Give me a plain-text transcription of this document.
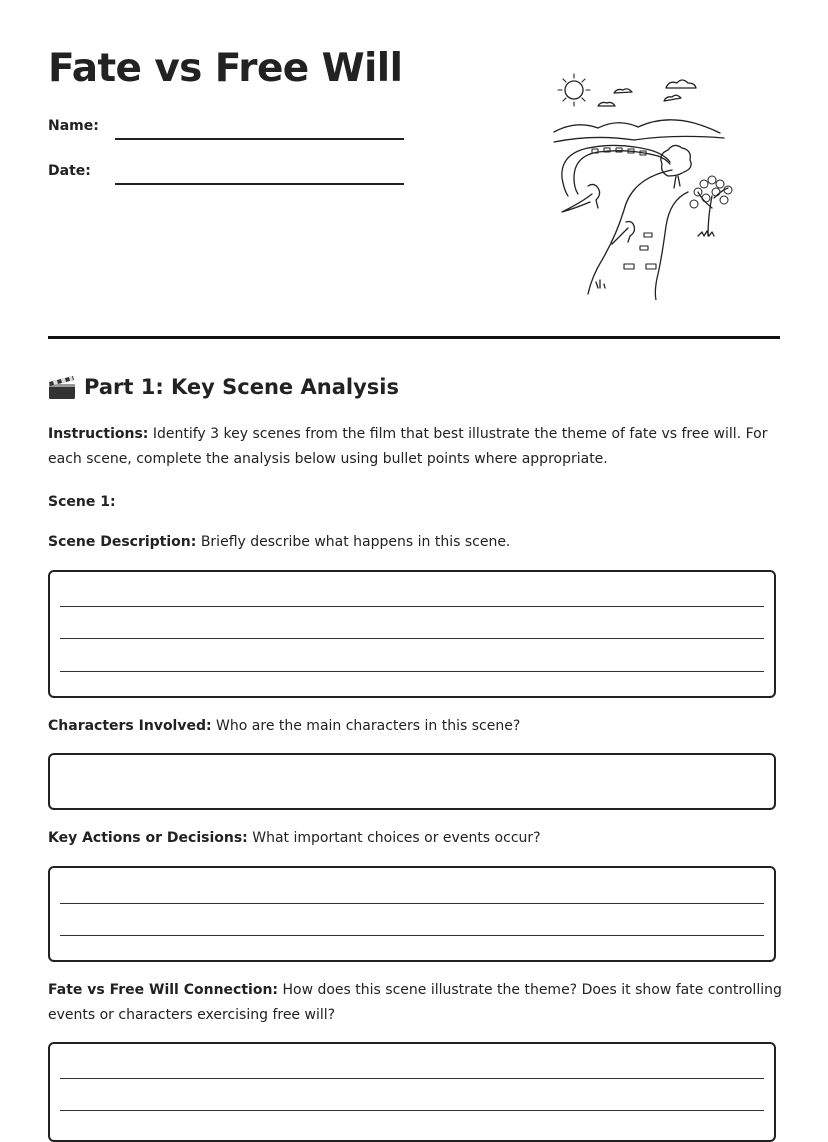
Fate vs Free Will
Name:
Date:
Part 1: Key Scene Analysis

Instructions: Identify 3 key scenes from the film that best illustrate the theme of fate vs free will. For each scene, complete the analysis below using bullet points where appropriate.

Scene 1:

Scene Description: Briefly describe what happens in this scene.

Characters Involved: Who are the main characters in this scene?

Key Actions or Decisions: What important choices or events occur?

Fate vs Free Will Connection: How does this scene illustrate the theme? Does it show fate controlling events or characters exercising free will?
